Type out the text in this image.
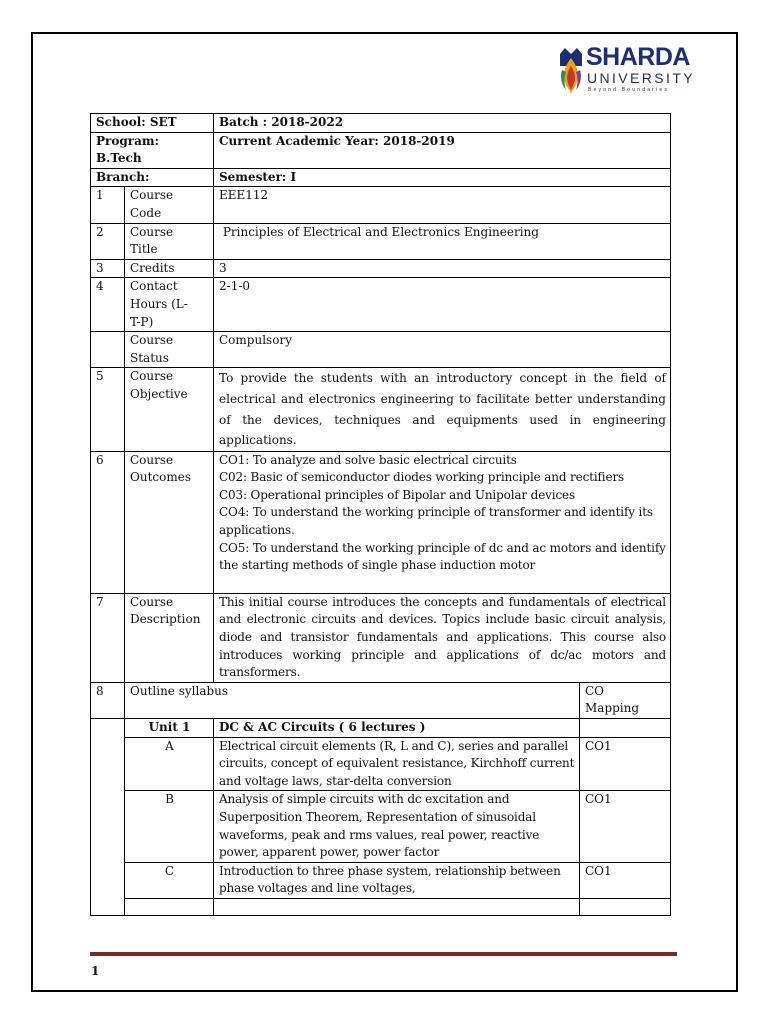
SHARDA
UNIVERSITY
Beyond Boundaries
School: SET		Batch : 2018-2022	
Program: B.Tech		Current Academic Year: 2018-2019	
Branch:		Semester: I	
1	Course Code	EEE112	
2	Course Title	Principles of Electrical and Electronics Engineering	
3	Credits	3	
4	Contact Hours (L-T-P)	2-1-0	
	Course Status	Compulsory	
5	Course Objective	To provide the students with an introductory concept in the field of electrical and electronics engineering to facilitate better understanding of the devices, techniques and equipments used in engineering applications.	
6	Course Outcomes	CO1: To analyze and solve basic electrical circuits
C02: Basic of semiconductor diodes working principle and rectifiers
C03: Operational principles of Bipolar and Unipolar devices
CO4: To understand the working principle of transformer and identify its applications.
CO5: To understand the working principle of dc and ac motors and identify the starting methods of single phase induction motor	

7	Course Description	This initial course introduces the concepts and fundamentals of electrical and electronic circuits and devices. Topics include basic circuit analysis, diode and transistor fundamentals and applications. This course also introduces working principle and applications of dc/ac motors and transformers.	
8	Outline syllabus		CO Mapping
	Unit 1	DC & AC Circuits ( 6 lectures )	
	A	Electrical circuit elements (R, L and C), series and parallel circuits, concept of equivalent resistance, Kirchhoff current and voltage laws, star-delta conversion	CO1
	B	Analysis of simple circuits with dc excitation and Superposition Theorem, Representation of sinusoidal waveforms, peak and rms values, real power, reactive power, apparent power, power factor	CO1
	C	Introduction to three phase system, relationship between phase voltages and line voltages,	CO1

1
